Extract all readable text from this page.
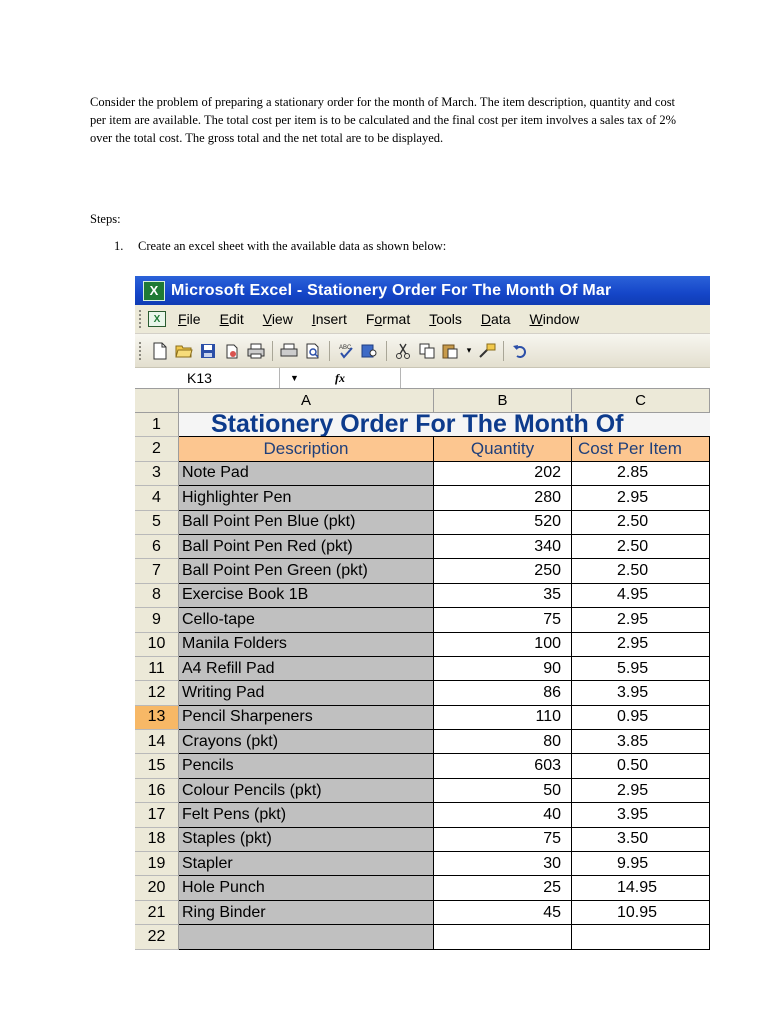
Consider the problem of preparing a stationary order for the month of March. The item description, quantity and cost per item are available. The total cost per item is to be calculated and the final cost per item involves a sales tax of 2% over the total cost. The gross total and the net total are to be displayed.

Steps:

1. Create an excel sheet with the available data as shown below:

X Microsoft Excel - Stationery Order For The Month Of Mar
X	File Edit View Insert Format Tools Data Window
ABC	▾
K13	▼	fx
A	B	C
1	Stationery Order For The Month Of
2	Description	Quantity	Cost Per Item
3	Note Pad	202	2.85
4	Highlighter Pen	280	2.95
5	Ball Point Pen Blue (pkt)	520	2.50
6	Ball Point Pen Red (pkt)	340	2.50
7	Ball Point Pen Green (pkt)	250	2.50
8	Exercise Book 1B	35	4.95
9	Cello-tape	75	2.95
10	Manila Folders	100	2.95
11	A4 Refill Pad	90	5.95
12	Writing Pad	86	3.95
13	Pencil Sharpeners	110	0.95
14	Crayons (pkt)	80	3.85
15	Pencils	603	0.50
16	Colour Pencils (pkt)	50	2.95
17	Felt Pens (pkt)	40	3.95
18	Staples (pkt)	75	3.50
19	Stapler	30	9.95
20	Hole Punch	25	14.95
21	Ring Binder	45	10.95
22
